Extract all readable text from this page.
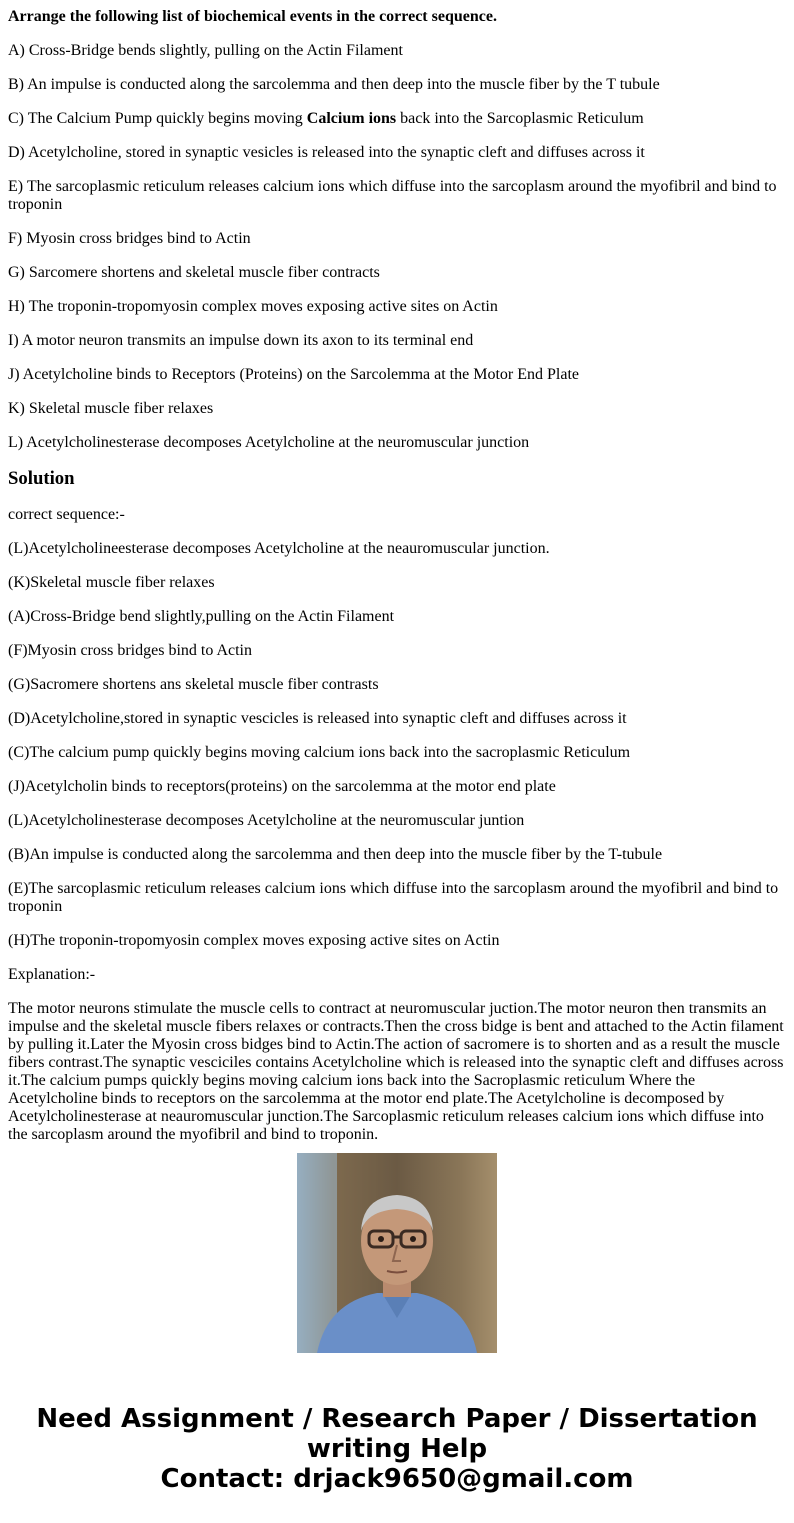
Arrange the following list of biochemical events in the correct sequence.

A) Cross-Bridge bends slightly, pulling on the Actin Filament

B) An impulse is conducted along the sarcolemma and then deep into the muscle fiber by the T tubule

C) The Calcium Pump quickly begins moving Calcium ions back into the Sarcoplasmic Reticulum

D) Acetylcholine, stored in synaptic vesicles is released into the synaptic cleft and diffuses across it

E) The sarcoplasmic reticulum releases calcium ions which diffuse into the sarcoplasm around the myofibril and bind to troponin

F) Myosin cross bridges bind to Actin

G) Sarcomere shortens and skeletal muscle fiber contracts

H) The troponin-tropomyosin complex moves exposing active sites on Actin

I) A motor neuron transmits an impulse down its axon to its terminal end

J) Acetylcholine binds to Receptors (Proteins) on the Sarcolemma at the Motor End Plate

K) Skeletal muscle fiber relaxes

L) Acetylcholinesterase decomposes Acetylcholine at the neuromuscular junction

Solution

correct sequence:-

(L)Acetylcholineesterase decomposes Acetylcholine at the neauromuscular junction.

(K)Skeletal muscle fiber relaxes

(A)Cross-Bridge bend slightly,pulling on the Actin Filament

(F)Myosin cross bridges bind to Actin

(G)Sacromere shortens ans skeletal muscle fiber contrasts

(D)Acetylcholine,stored in synaptic vescicles is released into synaptic cleft and diffuses across it

(C)The calcium pump quickly begins moving calcium ions back into the sacroplasmic Reticulum

(J)Acetylcholin binds to receptors(proteins) on the sarcolemma at the motor end plate

(L)Acetylcholinesterase decomposes Acetylcholine at the neuromuscular juntion

(B)An impulse is conducted along the sarcolemma and then deep into the muscle fiber by the T-tubule

(E)The sarcoplasmic reticulum releases calcium ions which diffuse into the sarcoplasm around the myofibril and bind to troponin

(H)The troponin-tropomyosin complex moves exposing active sites on Actin

Explanation:-

The motor neurons stimulate the muscle cells to contract at neuromuscular juction.The motor neuron then transmits an impulse and the skeletal muscle fibers relaxes or contracts.Then the cross bidge is bent and attached to the Actin filament by pulling it.Later the Myosin cross bidges bind to Actin.The action of sacromere is to shorten and as a result the muscle fibers contrast.The synaptic vesciciles contains Acetylcholine which is released into the synaptic cleft and diffuses across it.The calcium pumps quickly begins moving calcium ions back into the Sacroplasmic reticulum Where the Acetylcholine binds to receptors on the sarcolemma at the motor end plate.The Acetylcholine is decomposed by Acetylcholinesterase at neauromuscular junction.The Sarcoplasmic reticulum releases calcium ions which diffuse into the sarcoplasm around the myofibril and bind to troponin.

Need Assignment / Research Paper / Dissertation
writing Help
Contact: drjack9650@gmail.com
